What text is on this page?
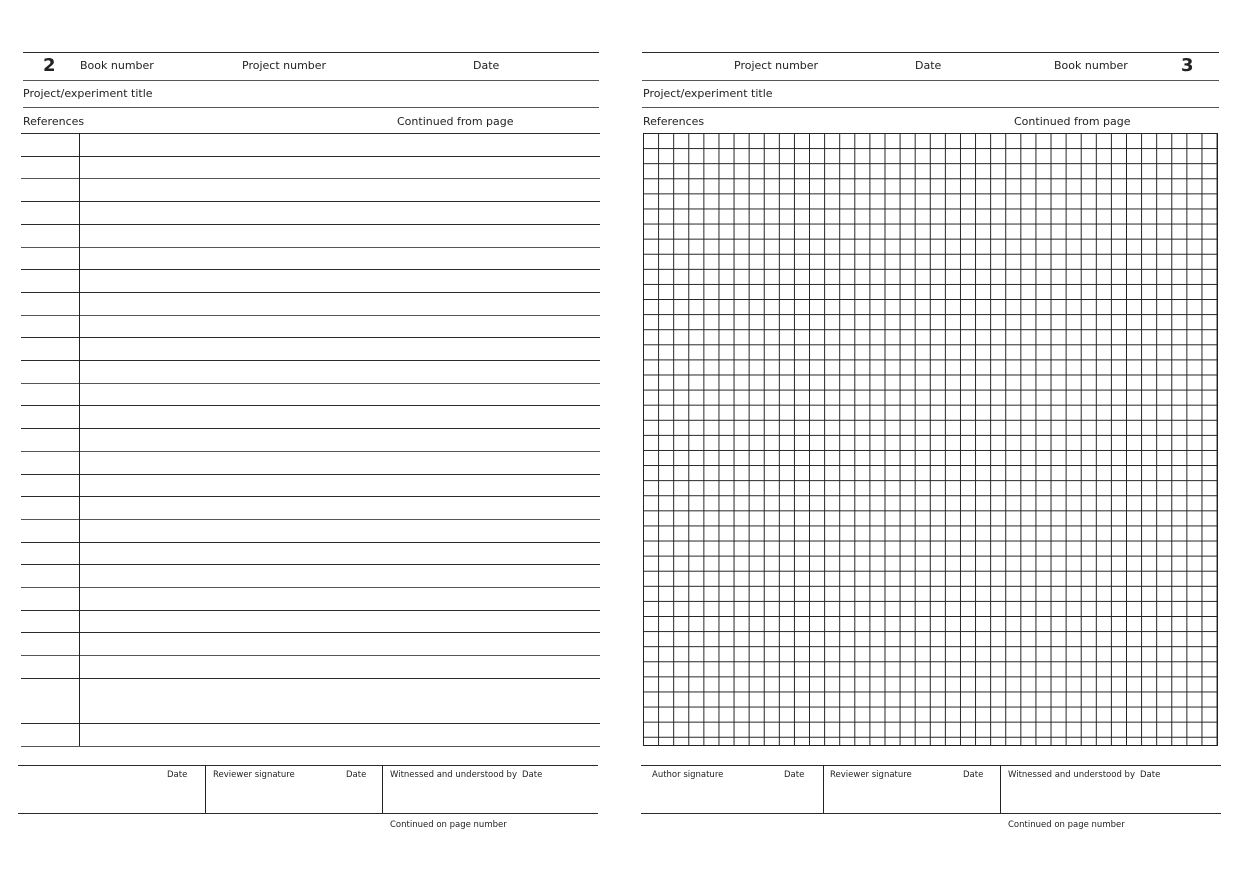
2 Book number	Project number	Date
Project/experiment title
References	Continued from page
Date	Reviewer signature	Date	Witnessed and understood by Date
Continued on page number
Project number	Date	Book number	3
Project/experiment title
References	Continued from page
Author signature	Date	Reviewer signature	Date	Witnessed and understood by Date
Continued on page number
